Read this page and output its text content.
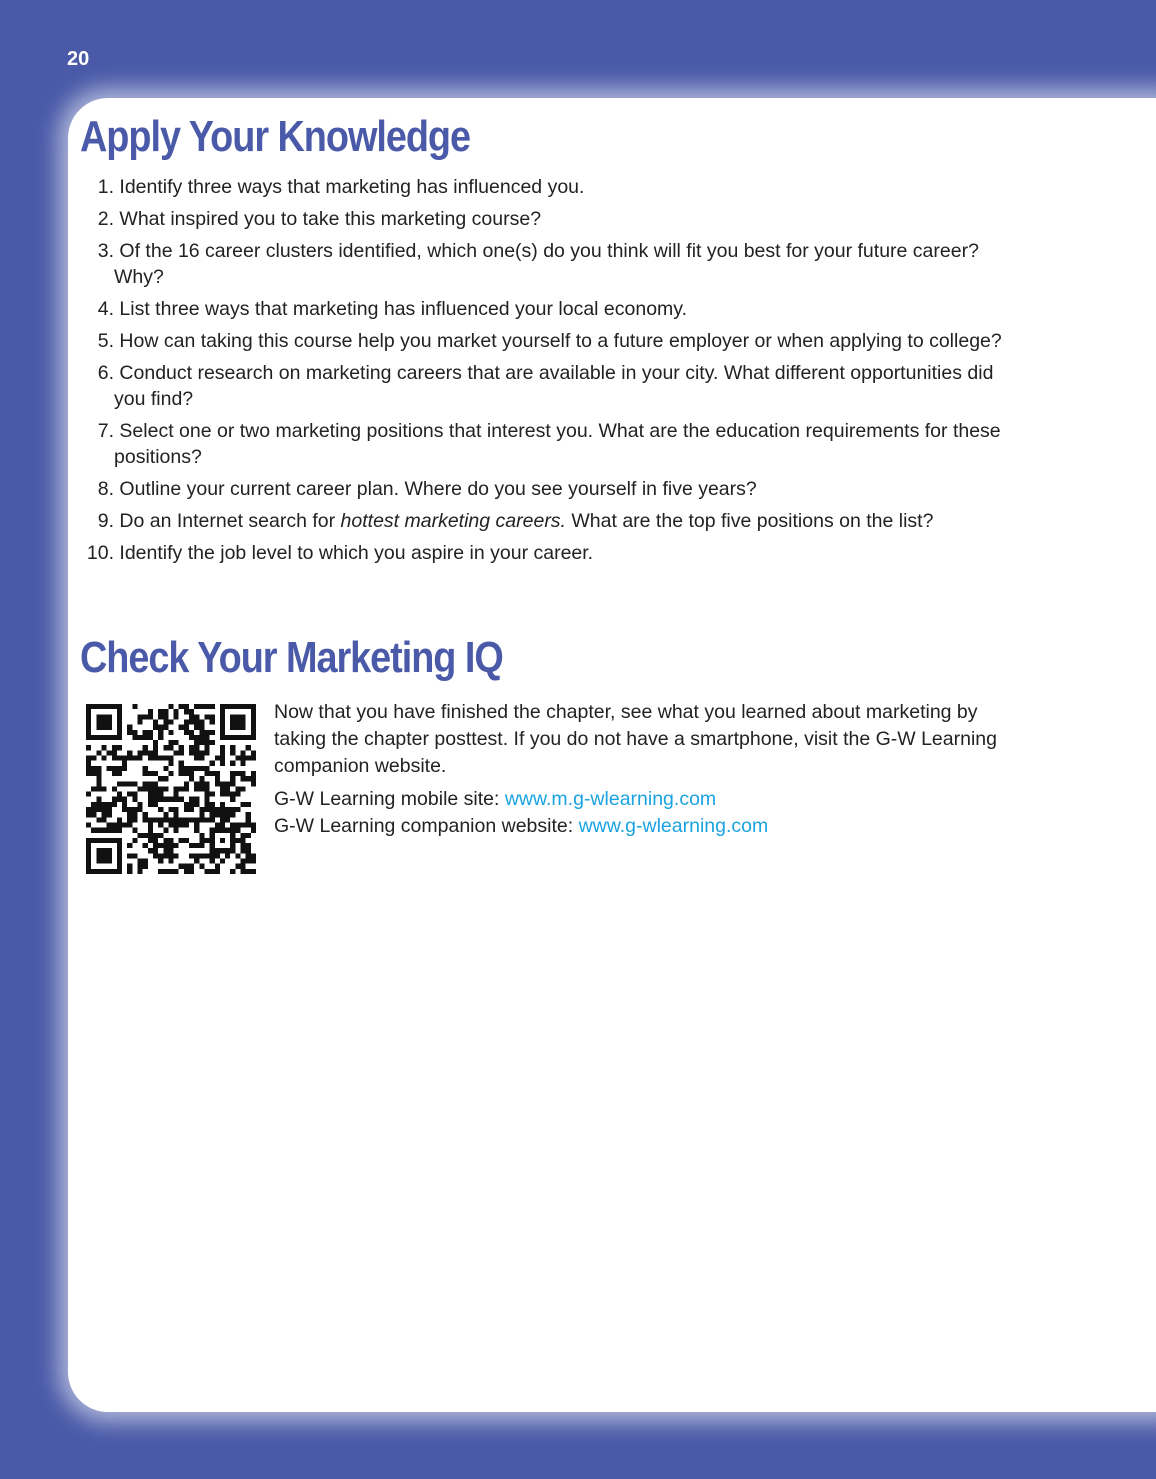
20
Apply Your Knowledge
1. Identify three ways that marketing has influenced you.
2. What inspired you to take this marketing course?
3. Of the 16 career clusters identified, which one(s) do you think will fit you best for your future career? Why?
4. List three ways that marketing has influenced your local economy.
5. How can taking this course help you market yourself to a future employer or when applying to college?
6. Conduct research on marketing careers that are available in your city. What different opportunities did you find?
7. Select one or two marketing positions that interest you. What are the education requirements for these positions?
8. Outline your current career plan. Where do you see yourself in five years?
9. Do an Internet search for hottest marketing careers. What are the top five positions on the list?
10. Identify the job level to which you aspire in your career.
Check Your Marketing IQ

Now that you have finished the chapter, see what you learned about marketing by taking the chapter posttest. If you do not have a smartphone, visit the G-W Learning companion website.

G-W Learning mobile site: www.m.g-wlearning.com
G-W Learning companion website: www.g-wlearning.com
